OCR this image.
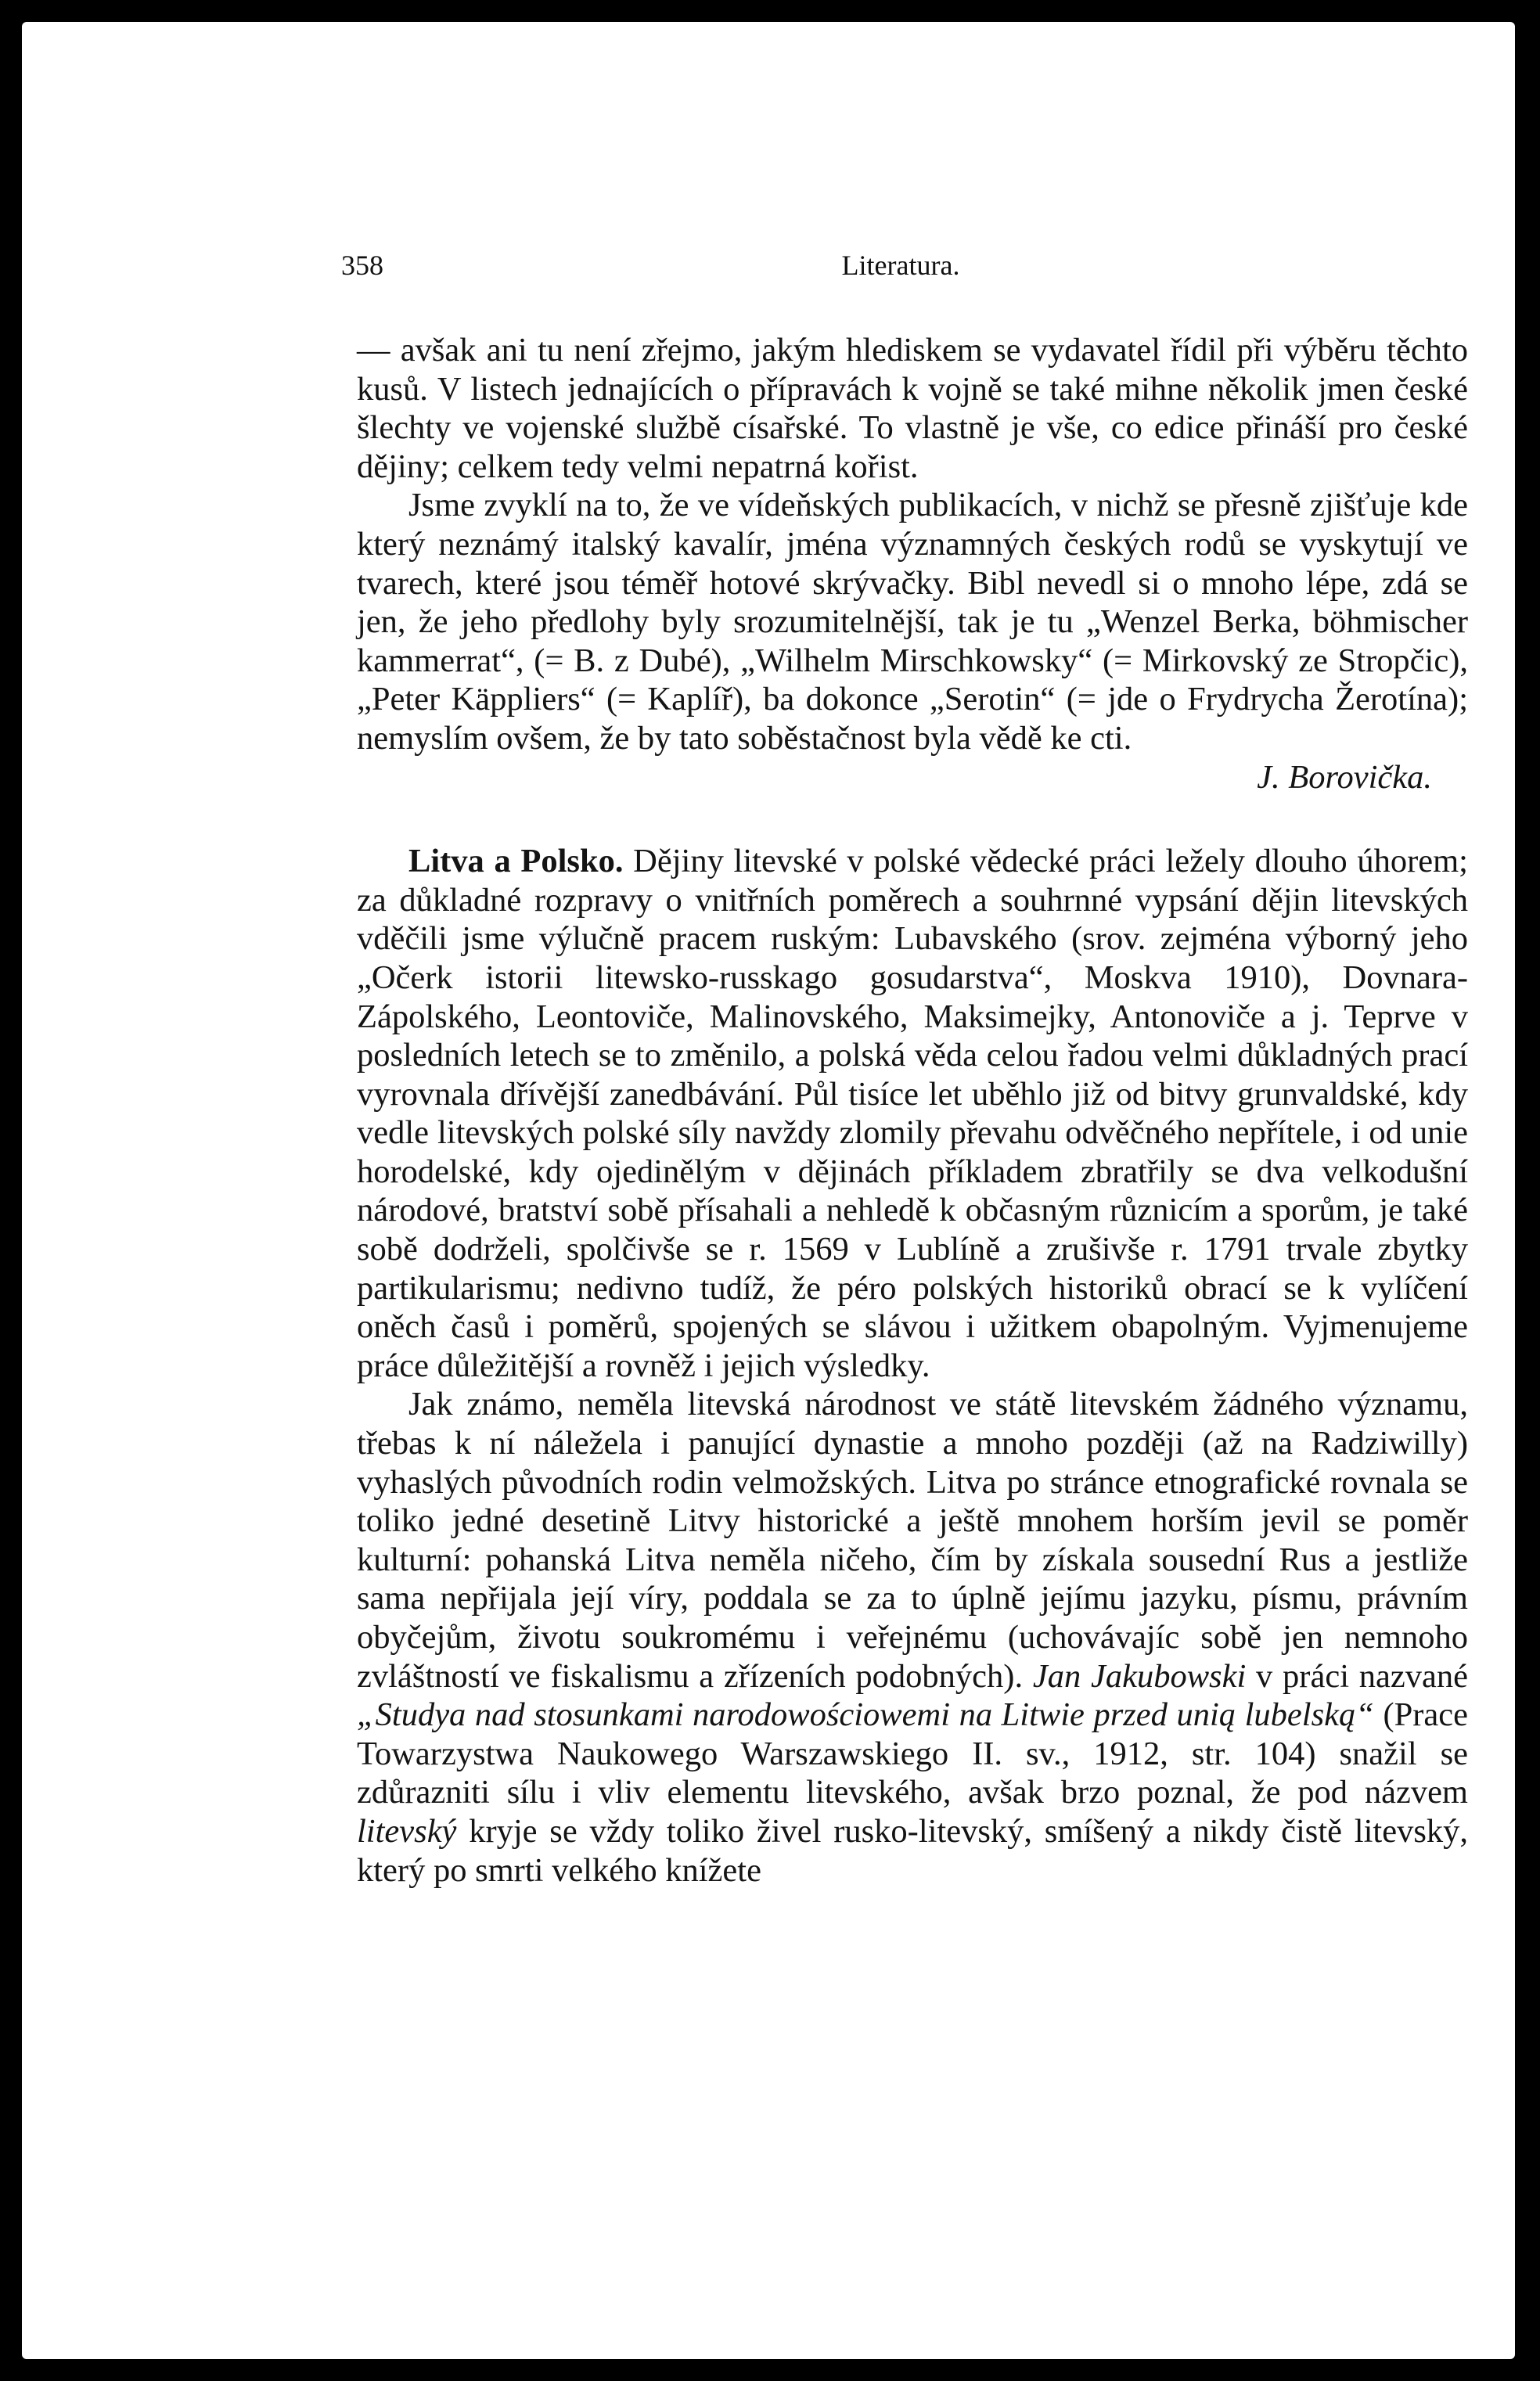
358	Literatura.

— avšak ani tu není zřejmo, jakým hlediskem se vydavatel řídil při výběru těchto kusů. V listech jednajících o přípravách k vojně se také mihne několik jmen české šlechty ve vojenské službě císařské. To vlastně je vše, co edice přináší pro české dějiny; celkem tedy velmi nepatrná kořist.

Jsme zvyklí na to, že ve vídeňských publikacích, v nichž se přesně zjišťuje kde který neznámý italský kavalír, jména významných českých rodů se vyskytují ve tvarech, které jsou téměř hotové skrývačky. Bibl nevedl si o mnoho lépe, zdá se jen, že jeho předlohy byly srozumitelnější, tak je tu „Wenzel Berka, böhmischer kammerrat“, (= B. z Dubé), „Wilhelm Mirschkowsky“ (= Mirkovský ze Stropčic), „Peter Käppliers“ (= Kaplíř), ba dokonce „Serotin“ (= jde o Frydrycha Žerotína); nemyslím ovšem, že by tato soběstačnost byla vědě ke cti.

J. Borovička.

Litva a Polsko. Dějiny litevské v polské vědecké práci ležely dlouho úhorem; za důkladné rozpravy o vnitřních poměrech a souhrnné vypsání dějin litevských vděčili jsme výlučně pracem ruským: Lubavského (srov. zejména výborný jeho „Očerk istorii litewsko-russkago gosudarstva“, Moskva 1910), Dovnara-Zápolského, Leontoviče, Malinovského, Maksimejky, Antonoviče a j. Teprve v posledních letech se to změnilo, a polská věda celou řadou velmi důkladných prací vyrovnala dřívější zanedbávání. Půl tisíce let uběhlo již od bitvy grunvaldské, kdy vedle litevských polské síly navždy zlomily převahu odvěčného nepřítele, i od unie horodelské, kdy ojedinělým v dějinách příkladem zbratřily se dva velkodušní národové, bratství sobě přísahali a nehledě k občasným různicím a sporům, je také sobě dodrželi, spolčivše se r. 1569 v Lublíně a zrušivše r. 1791 trvale zbytky partikularismu; nedivno tudíž, že péro polských historiků obrací se k vylíčení oněch časů i poměrů, spojených se slávou i užitkem obapolným. Vyjmenujeme práce důležitější a rovněž i jejich výsledky.

Jak známo, neměla litevská národnost ve státě litevském žádného významu, třebas k ní náležela i panující dynastie a mnoho později (až na Radziwilly) vyhaslých původních rodin velmožských. Litva po stránce etnografické rovnala se toliko jedné desetině Litvy historické a ještě mnohem horším jevil se poměr kulturní: pohanská Litva neměla ničeho, čím by získala sousední Rus a jestliže sama nepřijala její víry, poddala se za to úplně jejímu jazyku, písmu, právním obyčejům, životu soukromému i veřejnému (uchovávajíc sobě jen nemnoho zvláštností ve fiskalismu a zřízeních podobných). Jan Jakubowski v práci nazvané „Studya nad stosunkami narodowościowemi na Litwie przed unią lubelską“ (Prace Towarzystwa Naukowego Warszawskiego II. sv., 1912, str. 104) snažil se zdůrazniti sílu i vliv elementu litevského, avšak brzo poznal, že pod názvem litevský kryje se vždy toliko živel rusko-litevský, smíšený a nikdy čistě litevský, který po smrti velkého knížete
